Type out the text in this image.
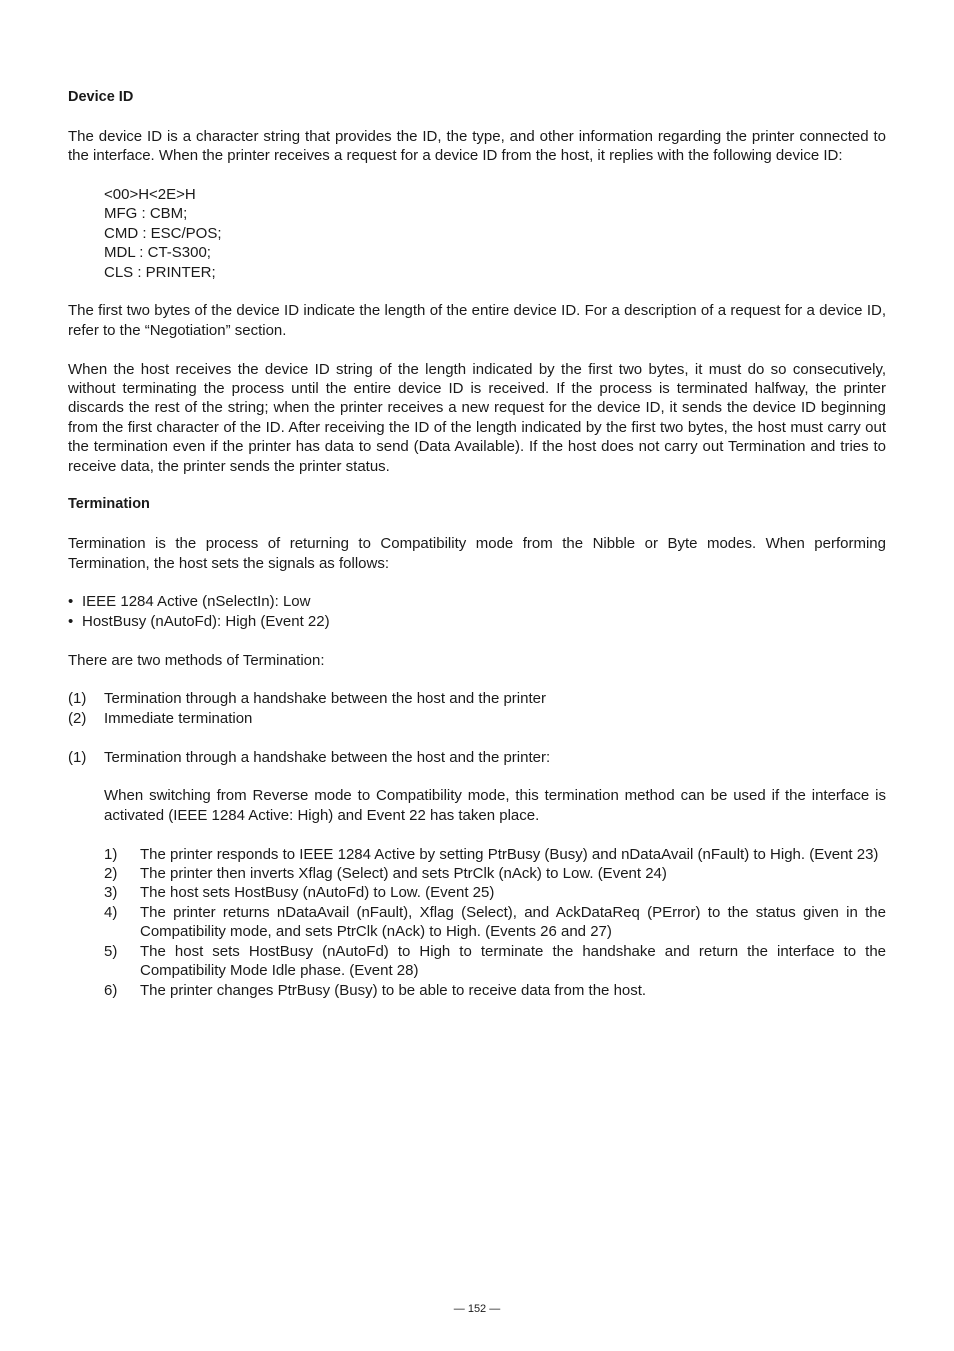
Device ID

The device ID is a character string that provides the ID, the type, and other information regarding the printer connected to the interface. When the printer receives a request for a device ID from the host, it replies with the following device ID:

<00>H<2E>H
MFG : CBM;
CMD : ESC/POS;
MDL : CT-S300;
CLS : PRINTER;

The first two bytes of the device ID indicate the length of the entire device ID. For a description of a request for a device ID, refer to the “Negotiation” section.

When the host receives the device ID string of the length indicated by the first two bytes, it must do so consecutively, without terminating the process until the entire device ID is received. If the process is terminated halfway, the printer discards the rest of the string; when the printer receives a new request for the device ID, it sends the device ID beginning from the first character of the ID. After receiving the ID of the length indicated by the first two bytes, the host must carry out the termination even if the printer has data to send (Data Available). If the host does not carry out Termination and tries to receive data, the printer sends the printer status.

Termination

Termination is the process of returning to Compatibility mode from the Nibble or Byte modes. When performing Termination, the host sets the signals as follows:

• IEEE 1284 Active (nSelectIn): Low
• HostBusy (nAutoFd): High (Event 22)

There are two methods of Termination:

(1)	Termination through a handshake between the host and the printer
(2)	Immediate termination
(1)	Termination through a handshake between the host and the printer:

When switching from Reverse mode to Compatibility mode, this termination method can be used if the interface is activated (IEEE 1284 Active: High) and Event 22 has taken place.

1)	The printer responds to IEEE 1284 Active by setting PtrBusy (Busy) and nDataAvail (nFault) to High. (Event 23)
2)	The printer then inverts Xflag (Select) and sets PtrClk (nAck) to Low. (Event 24)
3)	The host sets HostBusy (nAutoFd) to Low. (Event 25)
4)	The printer returns nDataAvail (nFault), Xflag (Select), and AckDataReq (PError) to the status given in the Compatibility mode, and sets PtrClk (nAck) to High. (Events 26 and 27)
5)	The host sets HostBusy (nAutoFd) to High to terminate the handshake and return the interface to the Compatibility Mode Idle phase. (Event 28)
6)	The printer changes PtrBusy (Busy) to be able to receive data from the host.
— 152 —
